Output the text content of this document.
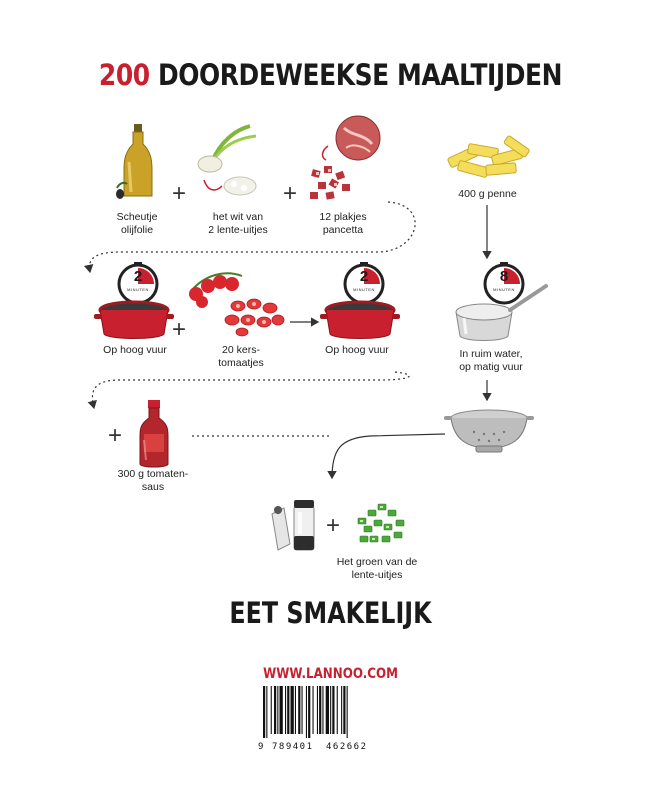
200 DOORDEWEEKSE MAALTIJDEN
Scheutje
olijfolie
+
het wit van
2 lente-uitjes
+
12 plakjes
pancetta
400 g penne
2
MINUTEN
Op hoog vuur
+
20 kers-
tomaatjes
2
MINUTEN
Op hoog vuur
8
MINUTEN
In ruim water,
op matig vuur
+
300 g tomaten-
saus
+
Het groen van de
lente-uitjes
EET SMAKELIJK
WWW.LANNOO.COM
9 789401 462662
